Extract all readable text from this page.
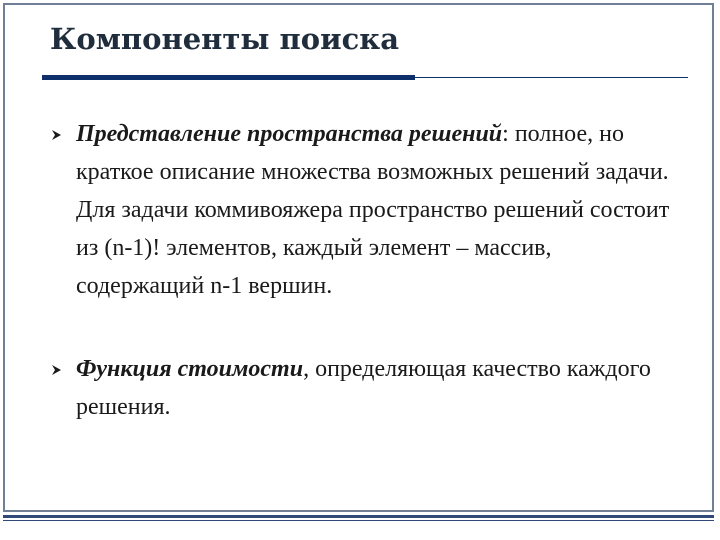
Компоненты поиска

Представление пространства решений: полное, но краткое описание множества возможных решений задачи. Для задачи коммивояжера пространство решений состоит из (n-1)! элементов, каждый элемент – массив, содержащий n-1 вершин.

Функция стоимости, определяющая качество каждого решения.
